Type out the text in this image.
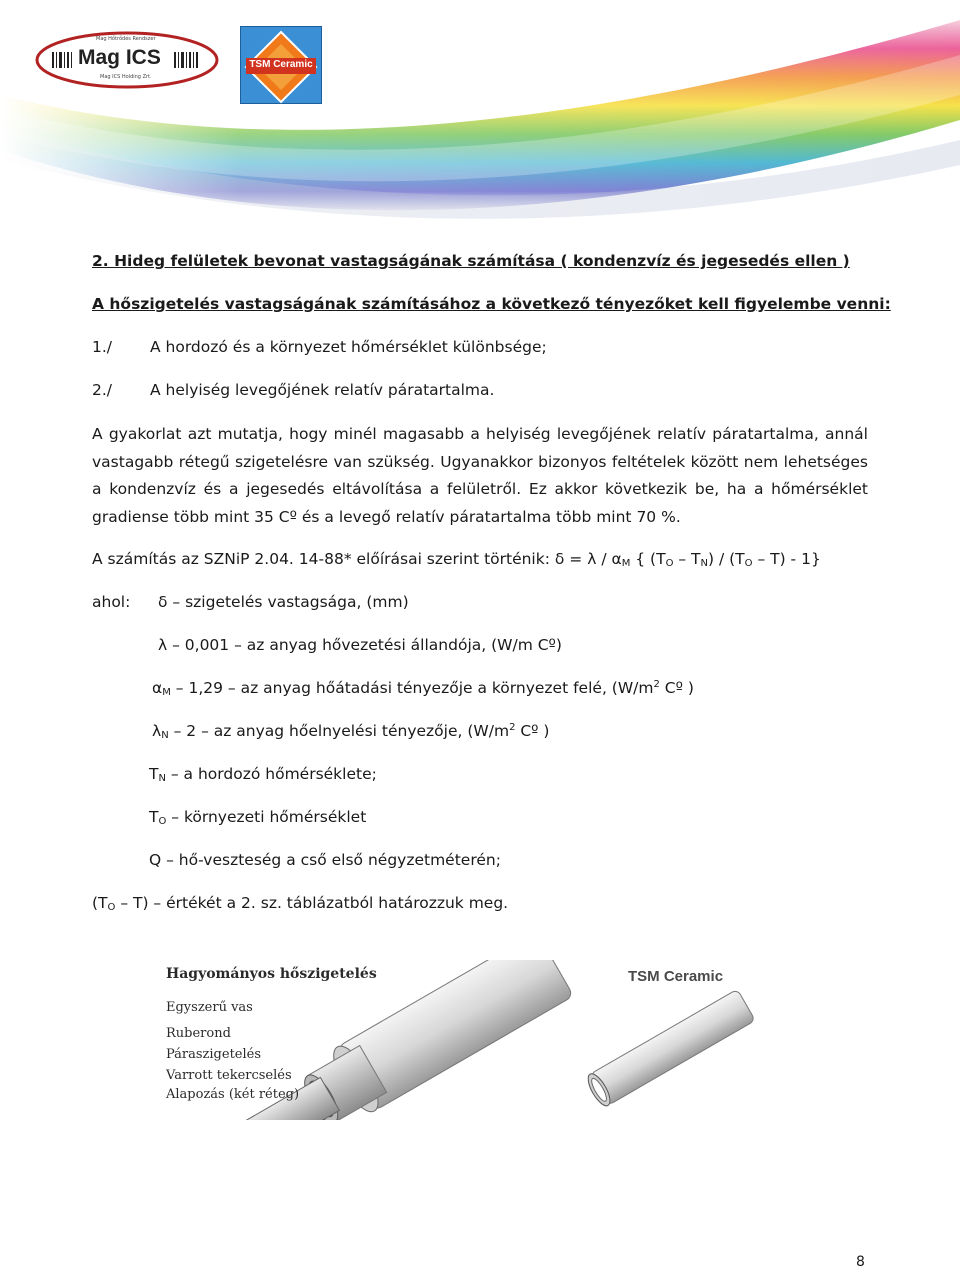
Mag ICS
Mag Hőtrődés Rendszer
Mag ICS Holding Zrt.
TSM Ceramic
2. Hideg felületek bevonat vastagságának számítása ( kondenzvíz és jegesedés ellen )
A hőszigetelés vastagságának számításához a következő tényezőket kell figyelembe venni:
1./ A hordozó és a környezet hőmérséklet különbsége;
2./ A helyiség levegőjének relatív páratartalma.
A gyakorlat azt mutatja, hogy minél magasabb a helyiség levegőjének relatív páratartalma, annál vastagabb rétegű szigetelésre van szükség. Ugyanakkor bizonyos feltételek között nem lehetséges a kondenzvíz és a jegesedés eltávolítása a felületről. Ez akkor következik be, ha a hőmérséklet gradiense több mint 35 Cº és a levegő relatív páratartalma több mint 70 %.
A számítás az SZNiP 2.04. 14-88* előírásai szerint történik: $\delta = \lambda / \alpha_M$ { $(T_O - T_N) / (T_O - T) - 1$}
ahol: δ – szigetelés vastagsága, (mm)
λ – 0,001 – az anyag hővezetési állandója, (W/m Cº)
$\alpha_M - 1,29$ – az anyag hőátadási tényezője a környezet felé, ($W/m^2$ Cº )
$\lambda_N - 2$ – az anyag hőelnyelési tényezője, ($W/m^2$ Cº )
$T_N$ – a hordozó hőmérséklete;
$T_O$ – környezeti hőmérséklet
Q – hő-veszteség a cső első négyzetméterén;
$(T_O - T)$ – értékét a 2. sz. táblázatból határozzuk meg.
Hagyományos hőszigetelés
Egyszerű vas
Ruberond
Páraszigetelés
Varrott tekercselés
Alapozás (két réteg)
TSM Ceramic
8
